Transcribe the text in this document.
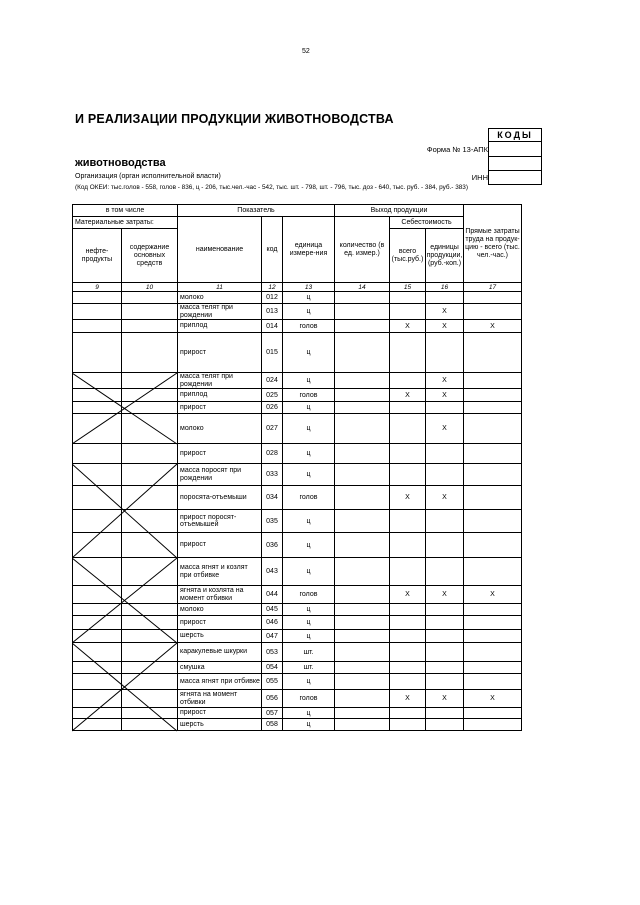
52
И РЕАЛИЗАЦИИ ПРОДУКЦИИ ЖИВОТНОВОДСТВА
КОДЫ
Форма № 13-АПК
ИНН
животноводства
Организация (орган исполнительной власти)
(Код ОКЕИ: тыс.голов - 558, голов - 836, ц - 206, тыс.чел.-час - 542, тыс. шт. - 798, шт. - 796, тыс. доз - 640, тыс. руб. - 384, руб.- 383)
в том числе		Показатель			Выход продукции			Прямые затраты труда на продук-цию - всего (тыс. чел.-час.)
Материальные затраты:		наименование	код	единица измере-ния	количество (в ед. измер.)	Себестоимость		
нефте-продукты	содержание основных средств					всего (тыс.руб.)	единицы продукции, (руб.-коп.)	
9	10	11	12	13	14	15	16	17
		молоко	012	ц				
		масса телят при рождении	013	ц			X	
		приплод	014	голов		X	X	X
		прирост	015	ц				
		масса телят при рождении	024	ц			X	
		приплод	025	голов		X	X	
		прирост	026	ц				
		молоко	027	ц			X	
		прирост	028	ц				
		масса поросят при рождении	033	ц				
		поросята-отъемыши	034	голов		X	X	
		прирост поросят-отъемышей	035	ц				
		прирост	036	ц				
		масса ягнят и козлят при отбивке	043	ц				
		ягнята и козлята на момент отбивки	044	голов		X	X	X
		молоко	045	ц				
		прирост	046	ц				
		шерсть	047	ц				
		каракулевые шкурки	053	шт.				
		смушка	054	шт.				
		масса ягнят при отбивке	055	ц				
		ягнята на момент отбивки	056	голов		X	X	X
		прирост	057	ц				
		шерсть	058	ц				
